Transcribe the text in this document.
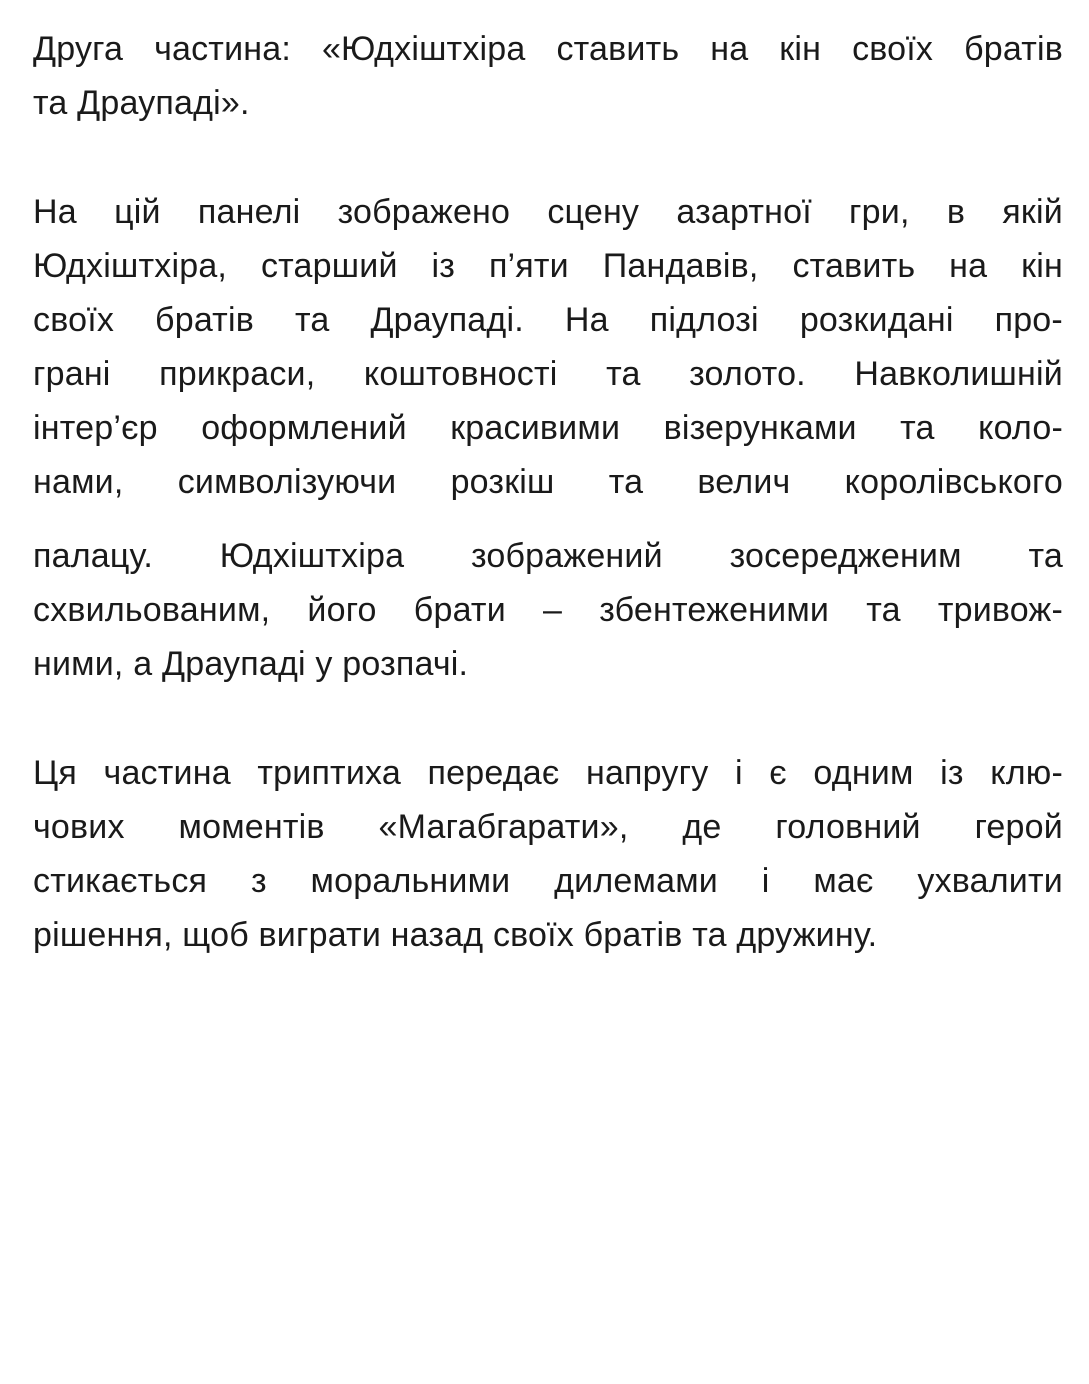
Друга частина: «Юдхіштхіра ставить на кін своїх братів
та Драупаді».

На цій панелі зображено сцену азартної гри, в якій
Юдхіштхіра, старший із п’яти Пандавів, ставить на кін
своїх братів та Драупаді. На підлозі розкидані про-
грані прикраси, коштовності та золото. Навколишній
інтер’єр оформлений красивими візерунками та коло-
нами, символізуючи розкіш та велич королівського

палацу. Юдхіштхіра зображений зосередженим та
схвильованим, його брати – збентеженими та тривож-
ними, а Драупаді у розпачі.

Ця частина триптиха передає напругу і є одним із клю-
чових моментів «Магабгарати», де головний герой
стикається з моральними дилемами і має ухвалити
рішення, щоб виграти назад своїх братів та дружину.
